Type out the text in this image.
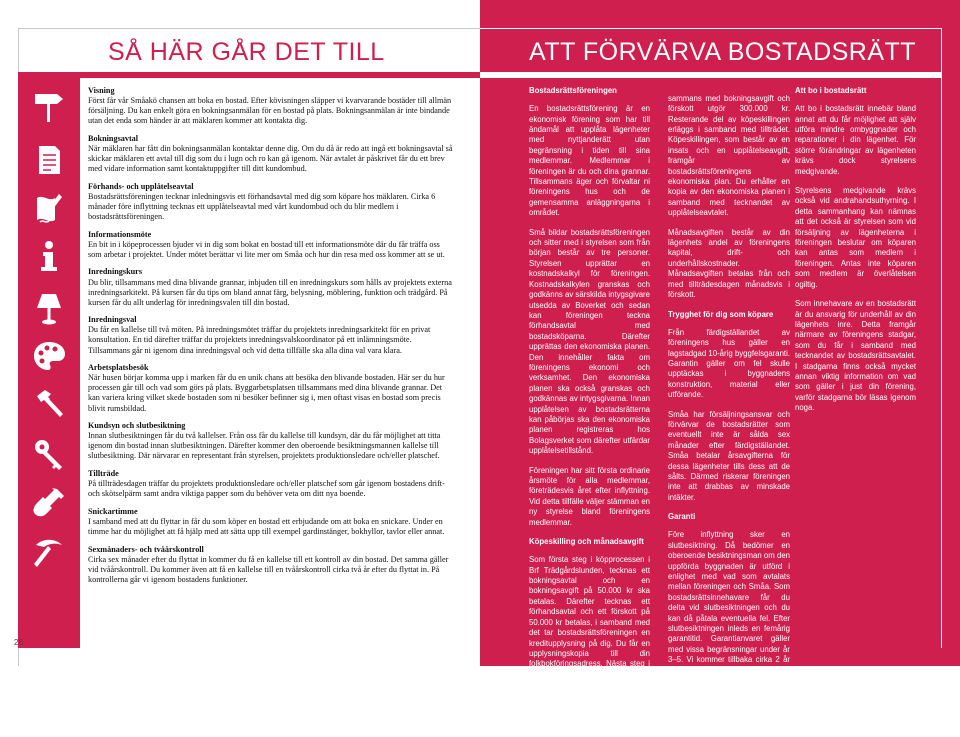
SÅ HÄR GÅR DET TILL
26
Visning

Först får vår Småakö chansen att boka en bostad. Efter kövisningen släpper vi kvarvarande bostäder till allmän försäljning. Du kan enkelt göra en bokningsanmälan för en bostad på plats. Bokningsanmälan är inte bindande utan det enda som händer är att mäklaren kommer att kontakta dig.

Bokningsavtal

När mäklaren har fått din bokningsanmälan kontaktar denne dig. Om du då är redo att ingå ett bokningsavtal så skickar mäklaren ett avtal till dig som du i lugn och ro kan gå igenom. När avtalet är påskrivet får du ett brev med vidare information samt kontaktuppgifter till ditt kundombud.

Förhands- och upplåtelseavtal

Bostadsrättsföreningen tecknar inledningsvis ett förhandsavtal med dig som köpare hos mäklaren. Cirka 6 månader före inflyttning tecknas ett upplåtelseavtal med vårt kundombud och du blir medlem i bostadsrättsföreningen.

Informationsmöte

En bit in i köpeprocessen bjuder vi in dig som bokat en bostad till ett informationsmöte där du får träffa oss som arbetar i projektet. Under mötet berättar vi lite mer om Småa och hur din resa med oss kommer att se ut.

Inredningskurs

Du blir, tillsammans med dina blivande grannar, inbjuden till en inredningskurs som hålls av projektets externa inredningsarkitekt. På kursen får du tips om bland annat färg, belysning, möblering, funktion och trädgård. På kursen får du allt underlag för inredningsvalen till din bostad.

Inredningsval

Du får en kallelse till två möten. På inredningsmötet träffar du projektets inredningsarkitekt för en privat konsultation. En tid därefter träffar du projektets inredningsvalskoordinator på ett inlämningsmöte. Tillsammans går ni igenom dina inredningsval och vid detta tillfälle ska alla dina val vara klara.

Arbetsplatsbesök

När husen börjar komma upp i marken får du en unik chans att besöka den blivande bostaden. Här ser du hur processen går till och vad som görs på plats. Byggarbetsplatsen tillsammans med dina blivande grannar. Det kan variera kring vilket skede bostaden som ni besöker befinner sig i, men oftast visas en bostad som precis blivit rumsbildad.

Kundsyn och slutbesiktning

Innan slutbesiktningen får du två kallelser. Från oss får du kallelse till kundsyn, där du får möjlighet att titta igenom din bostad innan slutbesiktningen. Därefter kommer den oberoende besiktningsmannen kallelse till slutbesiktning. Där närvarar en representant från styrelsen, projektets produktionsledare och/eller platschef.

Tillträde

På tillträdesdagen träffar du projektets produktionsledare och/eller platschef som går igenom bostadens drift- och skötselpärm samt andra viktiga papper som du behöver veta om ditt nya boende.

Snickartimme

I samband med att du flyttar in får du som köper en bostad ett erbjudande om att boka en snickare. Under en timme har du möjlighet att få hjälp med att sätta upp till exempel gardinstänger, bokhyllor, tavlor eller annat.

Sexmånaders- och tvåårskontroll

Cirka sex månader efter du flyttat in kommer du få en kallelse till ett kontroll av din bostad. Det samma gäller vid tvåårskontroll. Du kommer även att få en kallelse till en tvåårskontroll cirka två år efter du flyttat in. På kontrollerna går vi igenom bostadens funktioner.

ATT FÖRVÄRVA BOSTADSRÄTT
Bostadsrättsföreningen

En bostadsrättsförening är en ekonomisk förening som har till ändamål att upplåta lägenheter med nyttjanderätt utan begränsning i tiden till sina medlemmar. Medlemmar i föreningen är du och dina grannar. Tillsammans äger och förvaltar ni föreningens hus och de gemensamma anläggningarna i området.

Små bildar bostadsrättsföreningen och sitter med i styrelsen som från början består av tre personer. Styrelsen upprättar en kostnadskalkyl för föreningen. Kostnadskalkylen granskas och godkänns av särskilda intygsgivare utsedda av Boverket och sedan kan föreningen teckna förhandsavtal med bostadsköparna. Därefter upprättas den ekonomiska planen. Den innehåller fakta om föreningens ekonomi och verksamhet. Den ekonomiska planen ska också granskas och godkännas av intygsgivarna. Innan upplåtelsen av bostadsrätterna kan påbörjas ska den ekonomiska planen registreras hos Bolagsverket som därefter utfärdar upplåtelsetillstånd.

Föreningen har sitt första ordinarie årsmöte för alla medlemmar, företrädesvis året efter inflyttning. Vid detta tillfälle väljer stämman en ny styrelse bland föreningens medlemmar.

Köpeskilling och månadsavgift

Som första steg i köpprocessen i Brf Trädgårdslunden, tecknas ett bokningsavtal och en bokningsavgift på 50.000 kr ska betalas. Därefter tecknas ett förhandsavtal och ett förskott på 50.000 kr betalas, i samband med det tar bostadsrättsföreningen en kreditupplysning på dig. Du får en upplysningskopia till din folkbokföringsadress. Nästa steg i processen är undertecknandet av upplåtelseavtalet. Det görs ca 6 mån innan tillträde. Vid denna tidpunkt erläggs en handpenning som till-

sammans med bokningsavgift och förskott utgör 300.000 kr. Resterande del av köpeskillingen erläggs i samband med tillträdet. Köpeskillingen, som består av en insats och en upplåtelseavgift, framgår av bostadsrättsföreningens ekonomiska plan. Du erhåller en kopia av den ekonomiska planen i samband med tecknandet av upplåtelseavtalet.

Månadsavgiften består av din lägenhets andel av föreningens kapital, drift- och underhållskostnader. Månadsavgiften betalas från och med tillträdesdagen månadsvis i förskott.

Trygghet för dig som köpare

Från färdigställandet av föreningens hus gäller en lagstadgad 10-årig byggfelsgaranti. Garantin gäller om fel skulle upptäckas i byggnadens konstruktion, material eller utförande.

Småa har försäljningsansvar och förvärvar de bostadsrätter som eventuellt inte är sålda sex månader efter färdigställandet. Småa betalar årsavgifterna för dessa lägenheter tills dess att de sålts. Därmed riskerar föreningen inte att drabbas av minskade intäkter.

Garanti

Före inflyttning sker en slutbesiktning. Då bedömer en oberoende besiktningsman om den uppförda byggnaden är utförd i enlighet med vad som avtalats mellan föreningen och Småa. Som bostadsrättsinnehavare får du delta vid slutbesiktningen och du kan då påtala eventuella fel. Efter slutbesiktningen inleds en femårig garantitid. Garantianvaret gäller med vissa begränsningar under år 3–5. Vi kommer tillbaka cirka 2 år efter tillträdet och genomför en tvåårskontroll. Det är under denna tid som bland annat lägenhetens funktion och hållbarhet har hunnit prövas. Det är styrelsen som företräder bostadsrättsföreningen.

Att bo i bostadsrätt

Att bo i bostadsrätt innebär bland annat att du får möjlighet att själv utföra mindre ombyggnader och reparationer i din lägenhet. För större förändringar av lägenheten krävs dock styrelsens medgivande.

Styrelsens medgivande krävs också vid andrahandsuthyrning. I detta sammanhang kan nämnas att det också är styrelsen som vid försäljning av lägenheterna i föreningen beslutar om köparen kan antas som medlem i föreningen. Antas inte köparen som medlem är överlåtelsen ogiltig.

Som innehavare av en bostadsrätt är du ansvarig för underhåll av din lägenhets inre. Detta framgår närmare av föreningens stadgar, som du får i samband med tecknandet av bostadsrättsavtalet. I stadgarna finns också mycket annan viktig information om vad som gäller i just din förening, varför stadgarna bör läsas igenom noga.
